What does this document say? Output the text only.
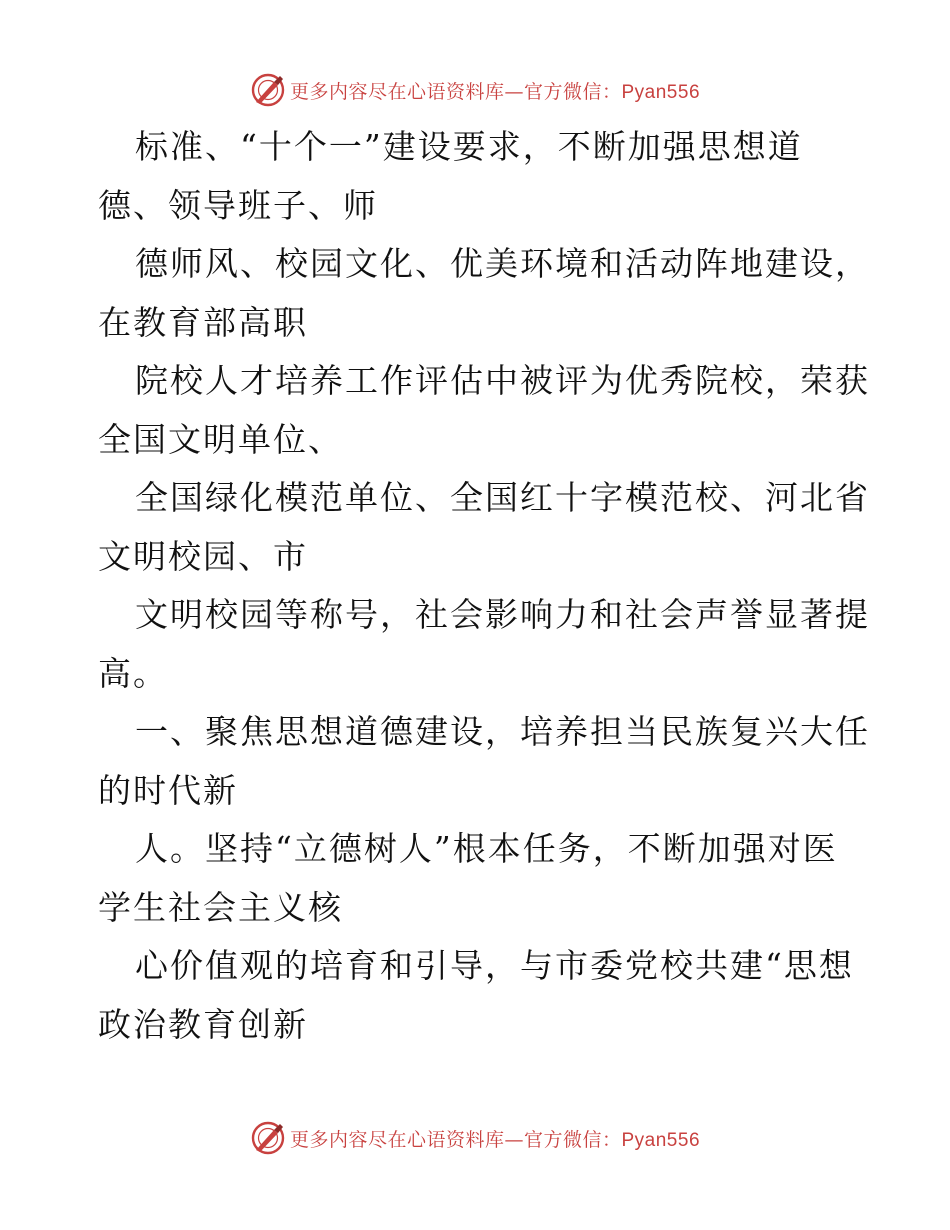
更多内容尽在心语资料库—官方微信：Pyan556
标准、“十个一”建设要求，不断加强思想道
德、领导班子、师
德师风、校园文化、优美环境和活动阵地建设，
在教育部高职
院校人才培养工作评估中被评为优秀院校，荣获
全国文明单位、
全国绿化模范单位、全国红十字模范校、河北省
文明校园、市
文明校园等称号，社会影响力和社会声誉显著提
高。
一、聚焦思想道德建设，培养担当民族复兴大任
的时代新
人。坚持“立德树人”根本任务，不断加强对医
学生社会主义核
心价值观的培育和引导，与市委党校共建“思想
政治教育创新
更多内容尽在心语资料库—官方微信：Pyan556
